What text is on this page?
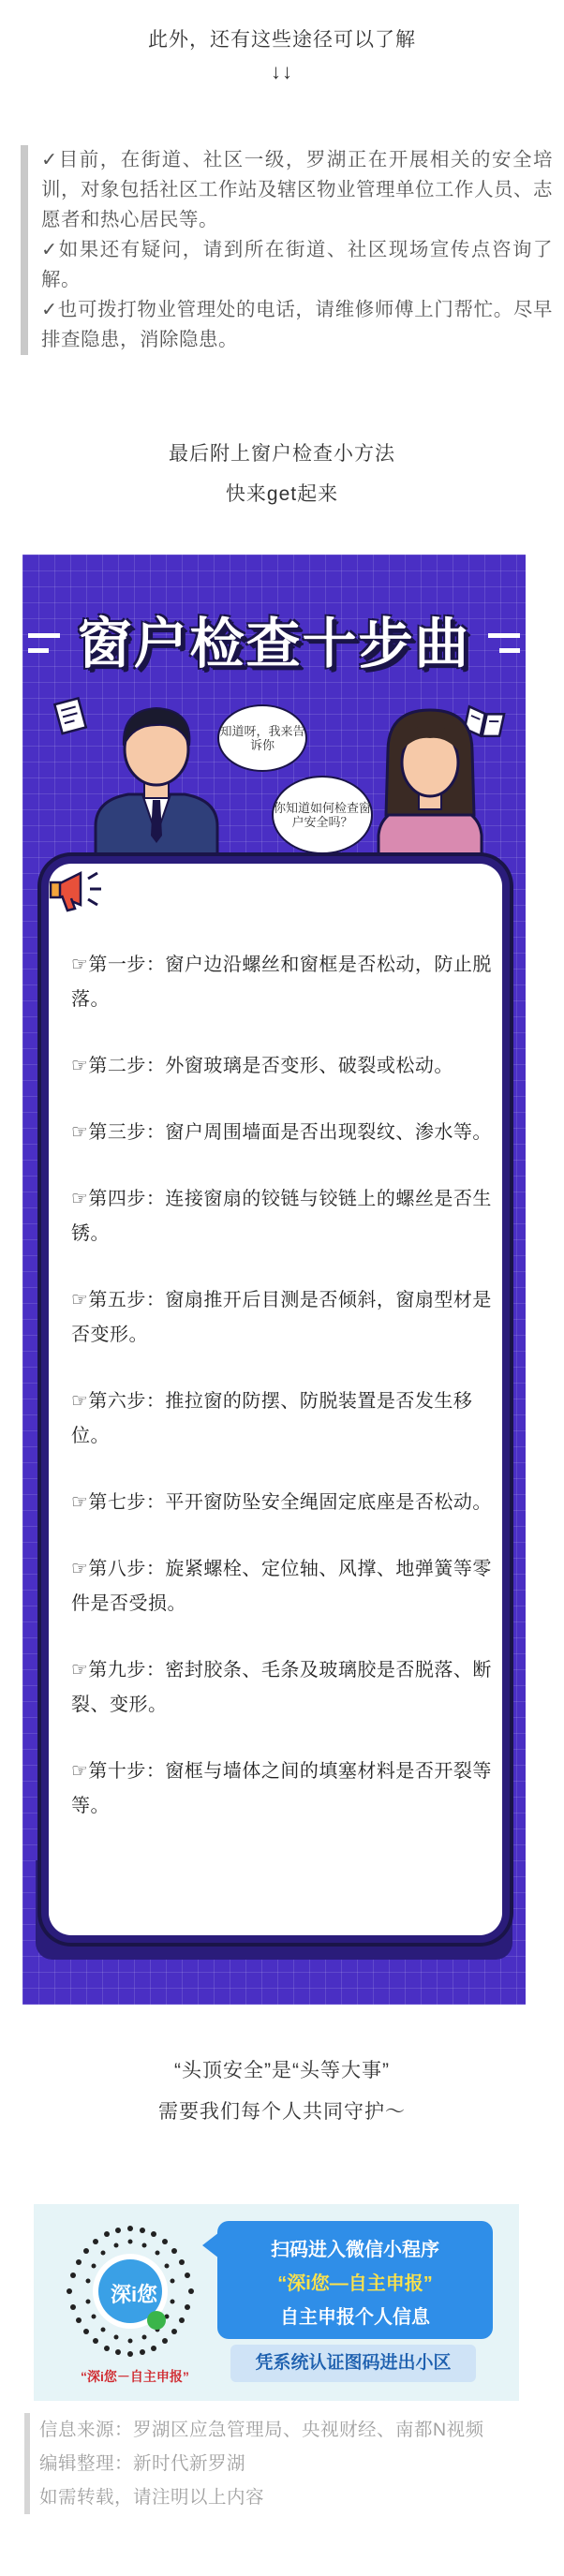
此外，还有这些途径可以了解
↓↓

✓目前，在街道、社区一级，罗湖正在开展相关的安全培训，对象包括社区工作站及辖区物业管理单位工作人员、志愿者和热心居民等。

✓如果还有疑问，请到所在街道、社区现场宣传点咨询了解。

✓也可拨打物业管理处的电话，请维修师傅上门帮忙。尽早排查隐患，消除隐患。

最后附上窗户检查小方法
快来get起来
窗户检查十步曲
知道呀，我来告诉你
你知道如何检查窗户安全吗？

☞第一步：窗户边沿螺丝和窗框是否松动，防止脱落。

☞第二步：外窗玻璃是否变形、破裂或松动。

☞第三步：窗户周围墙面是否出现裂纹、渗水等。

☞第四步：连接窗扇的铰链与铰链上的螺丝是否生锈。

☞第五步：窗扇推开后目测是否倾斜，窗扇型材是否变形。

☞第六步：推拉窗的防摆、防脱装置是否发生移位。

☞第七步：平开窗防坠安全绳固定底座是否松动。

☞第八步：旋紧螺栓、定位轴、风撑、地弹簧等零件是否受损。

☞第九步：密封胶条、毛条及玻璃胶是否脱落、断裂、变形。

☞第十步：窗框与墙体之间的填塞材料是否开裂等等。

“头顶安全”是“头等大事”
需要我们每个人共同守护～
深i您
“深i您－自主申报”
扫码进入微信小程序
“深i您—自主申报”
自主申报个人信息
凭系统认证图码进出小区

信息来源：罗湖区应急管理局、央视财经、南都N视频

编辑整理：新时代新罗湖

如需转载，请注明以上内容
